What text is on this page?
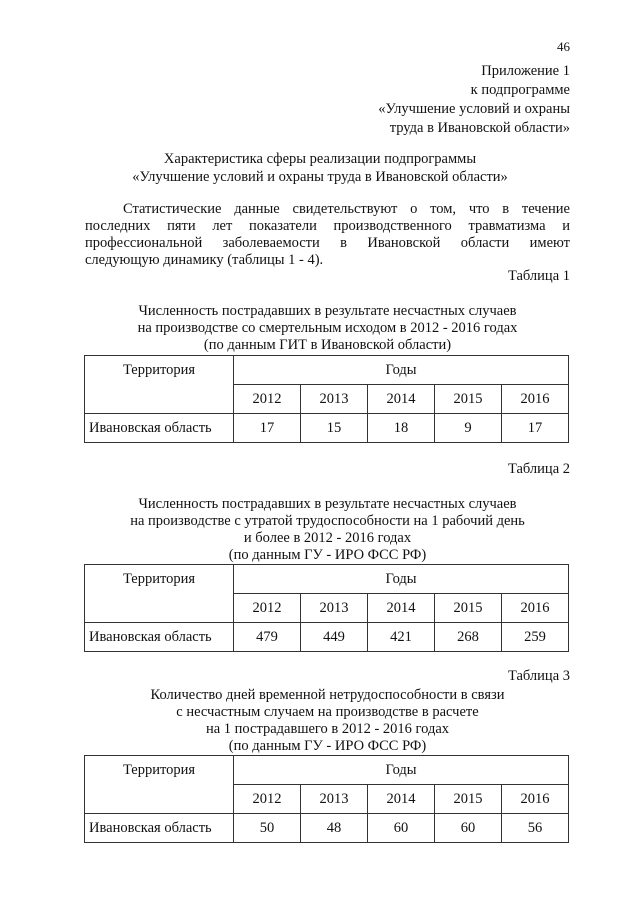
46
Приложение 1
к подпрограмме
«Улучшение условий и охраны
труда в Ивановской области»
Характеристика сферы реализации подпрограммы
«Улучшение условий и охраны труда в Ивановской области»

Статистические данные свидетельствуют о том, что в течение

последних пяти лет показатели производственного травматизма и

профессиональной заболеваемости в Ивановской области имеют

следующую динамику (таблицы 1 - 4).

Таблица 1
Численность пострадавших в результате несчастных случаев
на производстве со смертельным исходом в 2012 - 2016 годах
(по данным ГИТ в Ивановской области)
Территория	Годы				
	2012	2013	2014	2015	2016
Ивановская область	17	15	18	9	17
Таблица 2
Численность пострадавших в результате несчастных случаев
на производстве с утратой трудоспособности на 1 рабочий день
и более в 2012 - 2016 годах
(по данным ГУ - ИРО ФСС РФ)
Территория	Годы				
	2012	2013	2014	2015	2016
Ивановская область	479	449	421	268	259
Таблица 3
Количество дней временной нетрудоспособности в связи
с несчастным случаем на производстве в расчете
на 1 пострадавшего в 2012 - 2016 годах
(по данным ГУ - ИРО ФСС РФ)
Территория	Годы				
	2012	2013	2014	2015	2016
Ивановская область	50	48	60	60	56
